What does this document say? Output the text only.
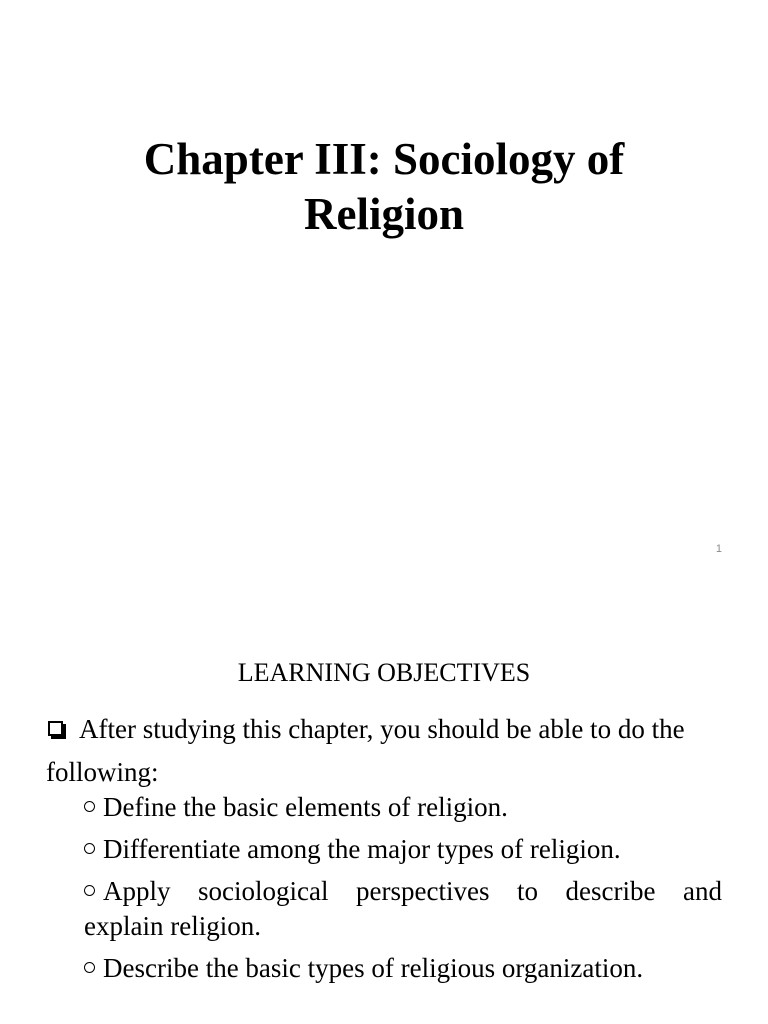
Chapter III: Sociology of
Religion
1
LEARNING OBJECTIVES

After studying this chapter, you should be able to do the following:

Define the basic elements of religion.
Differentiate among the major types of religion.
Apply sociological perspectives to describe and
explain religion.
Describe the basic types of religious organization.
